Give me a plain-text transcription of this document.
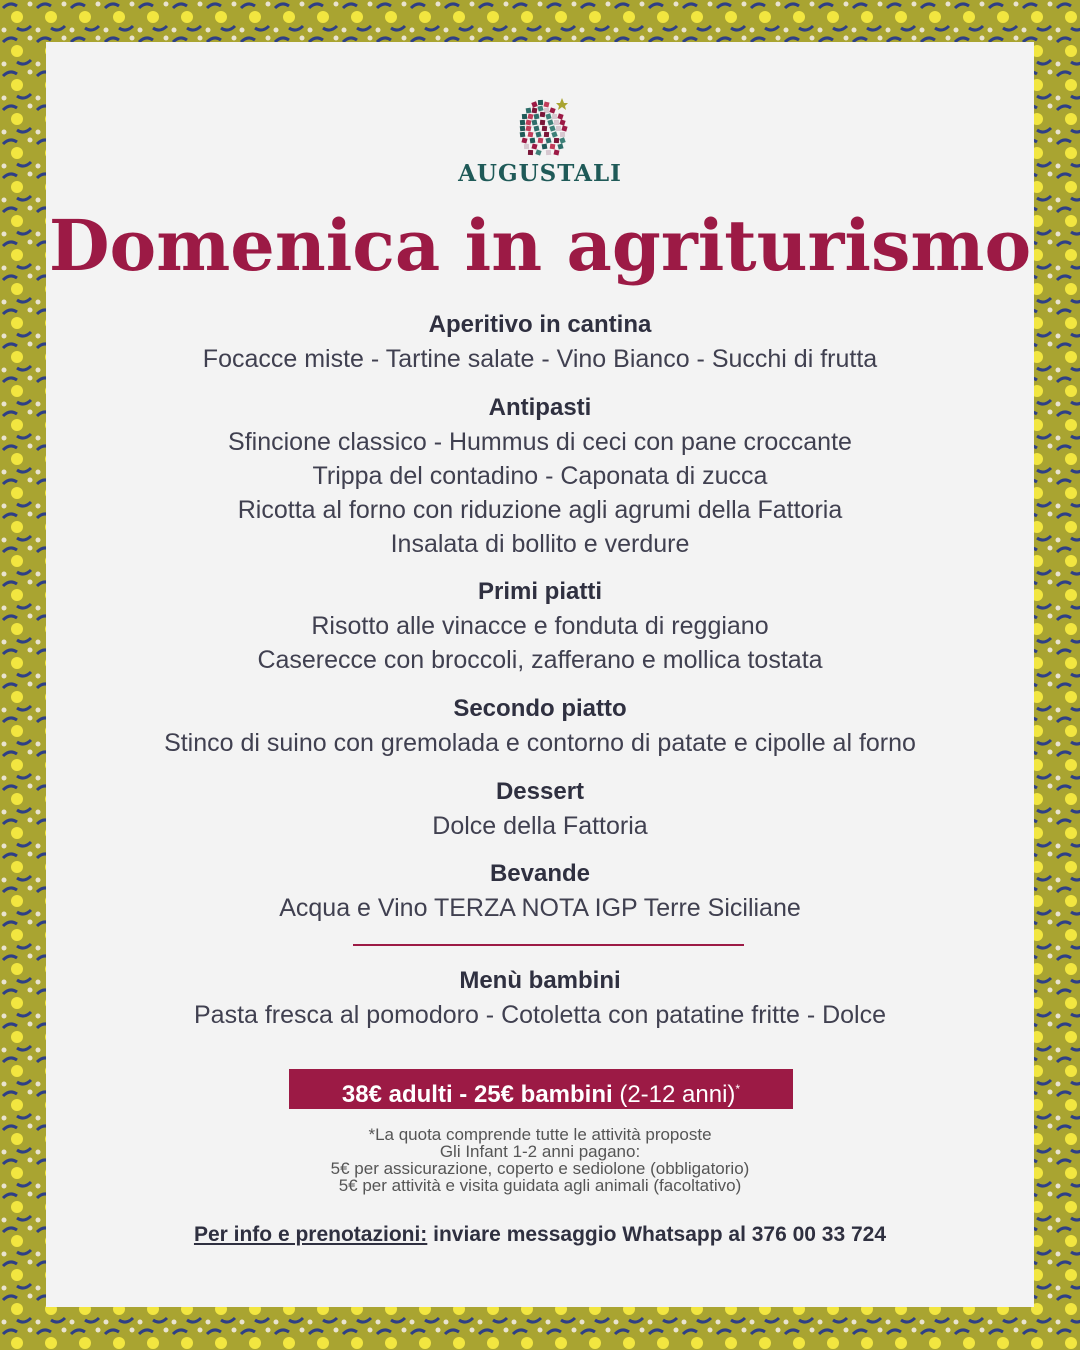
AUGUSTALI
Domenica in agriturismo
Aperitivo in cantina
Focacce miste - Tartine salate - Vino Bianco - Succhi di frutta
Antipasti
Sfincione classico - Hummus di ceci con pane croccante
Trippa del contadino - Caponata di zucca
Ricotta al forno con riduzione agli agrumi della Fattoria
Insalata di bollito e verdure
Primi piatti
Risotto alle vinacce e fonduta di reggiano
Caserecce con broccoli, zafferano e mollica tostata
Secondo piatto
Stinco di suino con gremolada e contorno di patate e cipolle al forno
Dessert
Dolce della Fattoria
Bevande
Acqua e Vino TERZA NOTA IGP Terre Siciliane
Menù bambini
Pasta fresca al pomodoro - Cotoletta con patatine fritte - Dolce
38€ adulti - 25€ bambini (2-12 anni)*
*La quota comprende tutte le attività proposte
Gli Infant 1-2 anni pagano:
5€ per assicurazione, coperto e sediolone (obbligatorio)
5€ per attività e visita guidata agli animali (facoltativo)
Per info e prenotazioni: inviare messaggio Whatsapp al 376 00 33 724
